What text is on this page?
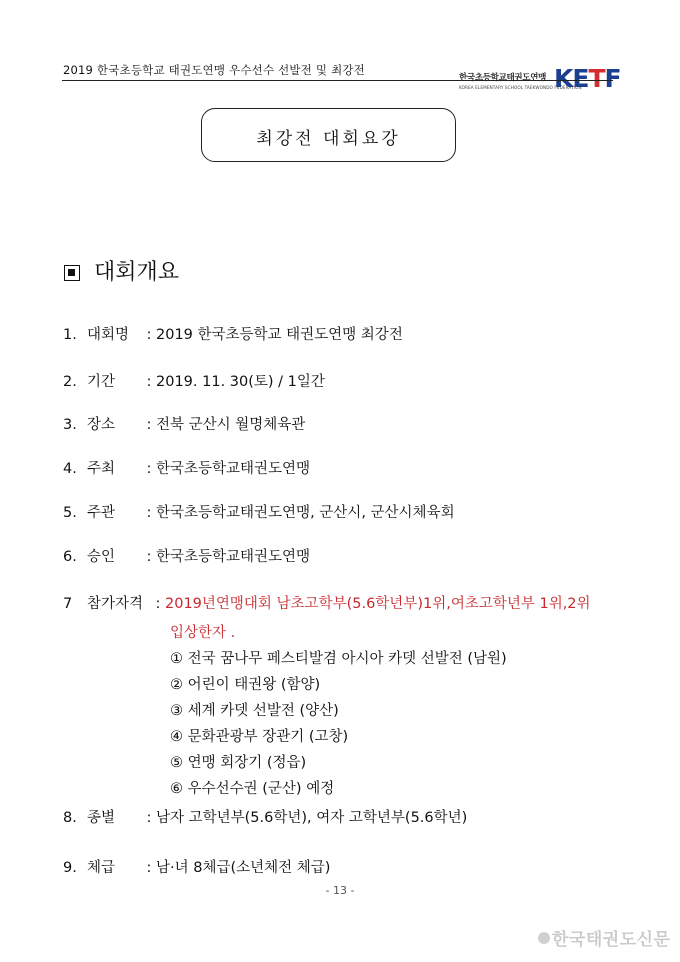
2019 한국초등학교 태권도연맹 우수선수 선발전 및 최강전
한국초등학교태권도연맹
KOREA ELEMENTARY SCHOOL TAEKWONDO FEDERATION
KETF
최강전 대회요강
대회개요
1. 대회명 : 2019 한국초등학교 태권도연맹 최강전
2. 기간 : 2019. 11. 30(토) / 1일간
3. 장소 : 전북 군산시 월명체육관
4. 주최 : 한국초등학교태권도연맹
5. 주관 : 한국초등학교태권도연맹, 군산시, 군산시체육회
6. 승인 : 한국초등학교태권도연맹
7 참가자격 : 2019년연맹대회 남초고학부(5.6학년부)1위,여초고학년부 1위,2위
입상한자 .
① 전국 꿈나무 페스티발겸 아시아 카뎃 선발전 (남원)
② 어린이 태권왕 (함양)
③ 세계 카뎃 선발전 (양산)
④ 문화관광부 장관기 (고창)
⑤ 연맹 회장기 (정읍)
⑥ 우수선수권 (군산) 예정
8. 종별 : 남자 고학년부(5.6학년), 여자 고학년부(5.6학년)
9. 체급 : 남·녀 8체급(소년체전 체급)
- 13 -
한국태권도신문
